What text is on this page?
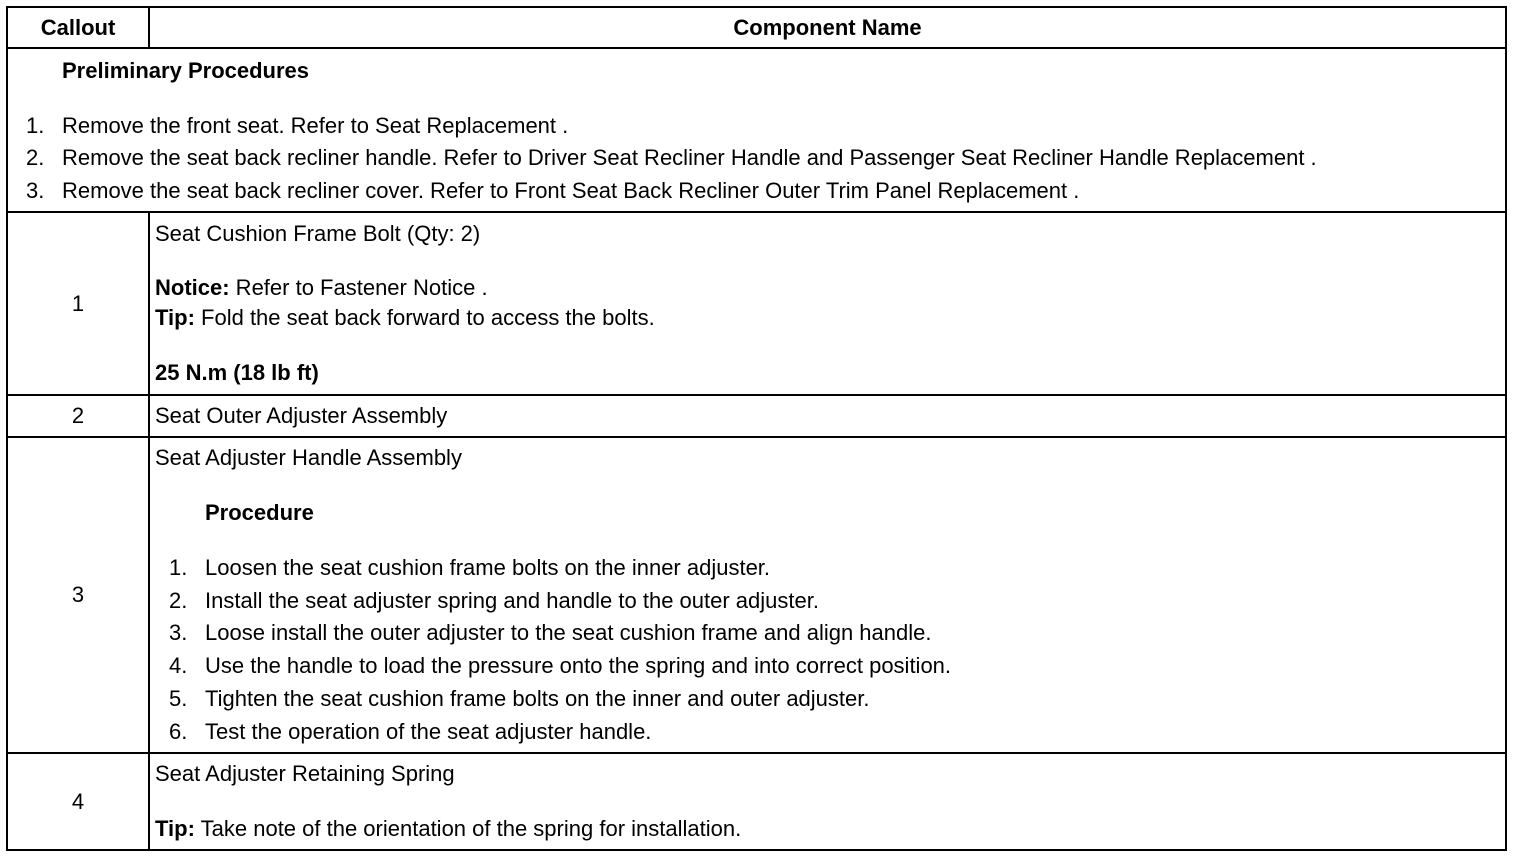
Callout	Component Name
Preliminary Procedures
1. Remove the front seat. Refer to Seat Replacement .
2. Remove the seat back recliner handle. Refer to Driver Seat Recliner Handle and Passenger Seat Recliner Handle Replacement .
3. Remove the seat back recliner cover. Refer to Front Seat Back Recliner Outer Trim Panel Replacement .
1
Seat Cushion Frame Bolt (Qty: 2)
Notice: Refer to Fastener Notice .
Tip: Fold the seat back forward to access the bolts.
25 N.m (18 lb ft)
2	Seat Outer Adjuster Assembly
3
Seat Adjuster Handle Assembly
Procedure
1. Loosen the seat cushion frame bolts on the inner adjuster.
2. Install the seat adjuster spring and handle to the outer adjuster.
3. Loose install the outer adjuster to the seat cushion frame and align handle.
4. Use the handle to load the pressure onto the spring and into correct position.
5. Tighten the seat cushion frame bolts on the inner and outer adjuster.
6. Test the operation of the seat adjuster handle.
4
Seat Adjuster Retaining Spring
Tip: Take note of the orientation of the spring for installation.
